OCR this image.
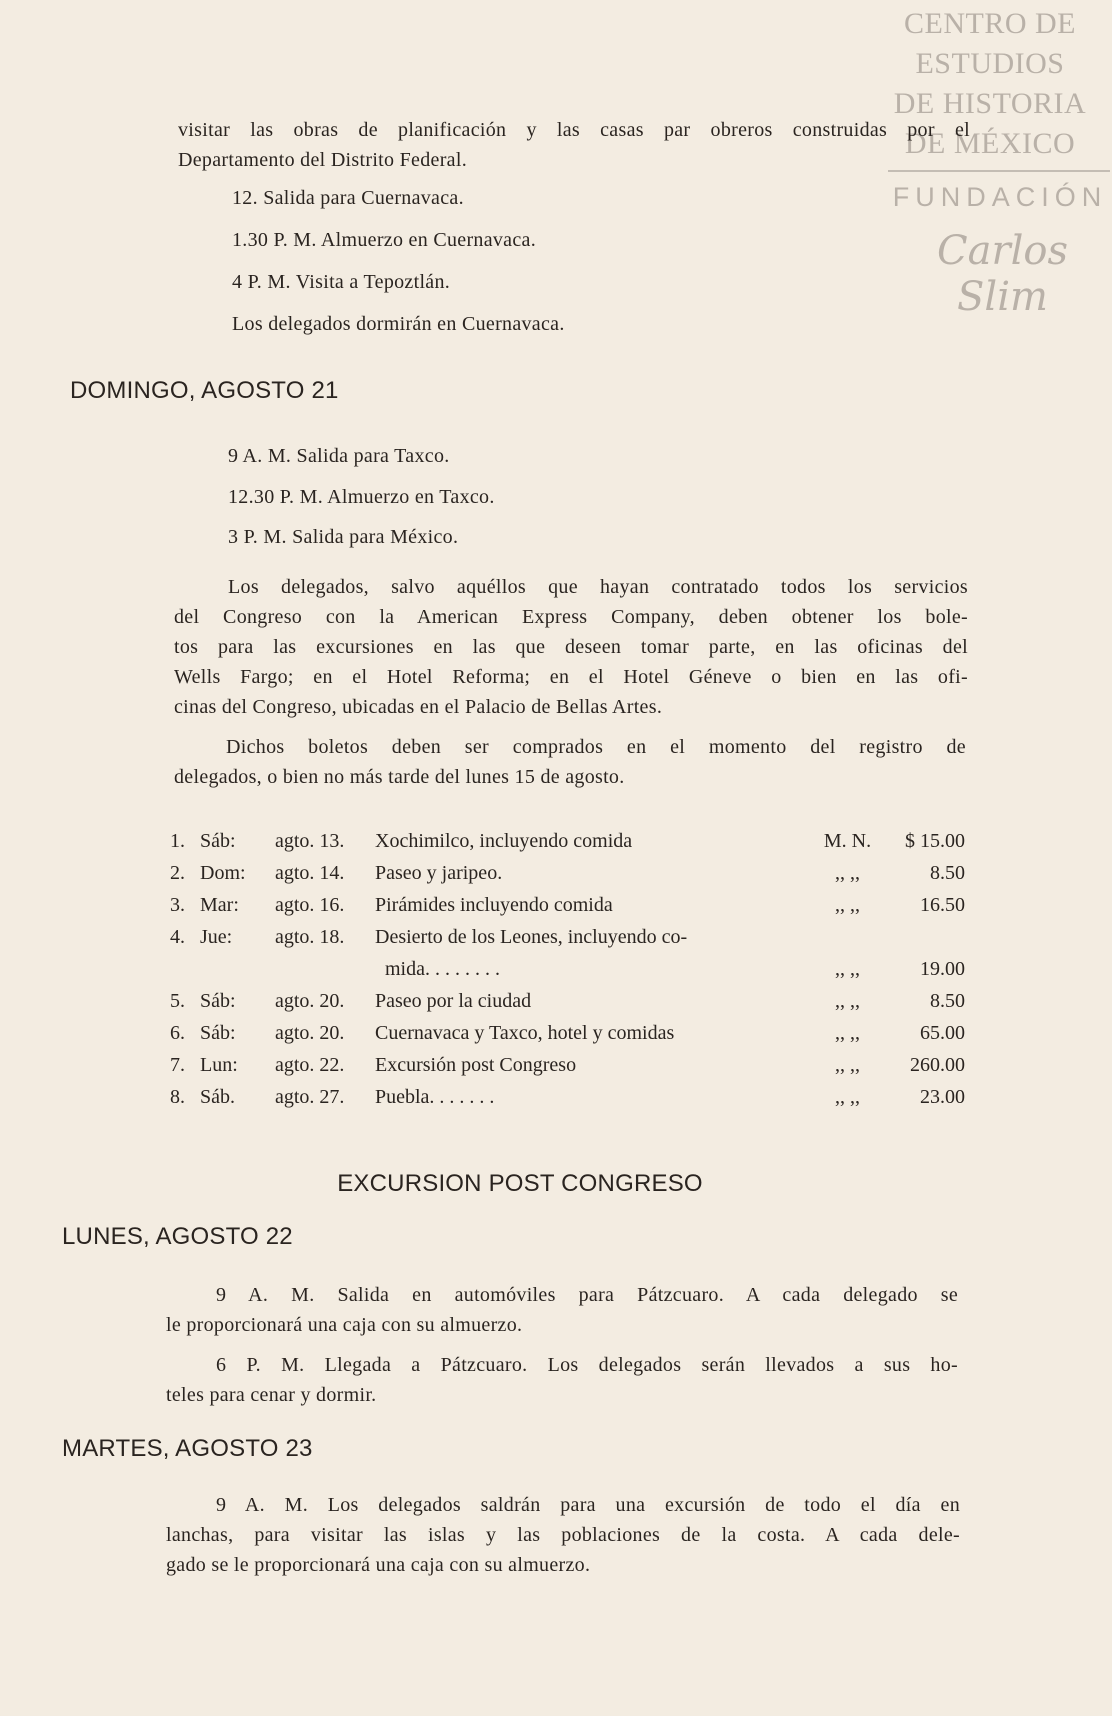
CENTRO DE
ESTUDIOS
DE HISTORIA
DE MÉXICO
FUNDACIÓN
Carlos Slim
visitar las obras de planificación y las casas par obreros construidas por el
Departamento del Distrito Federal.
12. Salida para Cuernavaca.
1.30 P. M. Almuerzo en Cuernavaca.
4 P. M. Visita a Tepoztlán.
Los delegados dormirán en Cuernavaca.
DOMINGO, AGOSTO 21
9 A. M. Salida para Taxco.
12.30 P. M. Almuerzo en Taxco.
3 P. M. Salida para México.
Los delegados, salvo aquéllos que hayan contratado todos los servicios
del Congreso con la American Express Company, deben obtener los bole-
tos para las excursiones en las que deseen tomar parte, en las oficinas del
Wells Fargo; en el Hotel Reforma; en el Hotel Géneve o bien en las ofi-
cinas del Congreso, ubicadas en el Palacio de Bellas Artes.
Dichos boletos deben ser comprados en el momento del registro de
delegados, o bien no más tarde del lunes 15 de agosto.
1. Sáb: agto. 13. Xochimilco, incluyendo comida	M. N.	$ 15.00
2. Dom: agto. 14. Paseo y jaripeo.	,, ,,	8.50
3. Mar: agto. 16. Pirámides incluyendo comida	,, ,,	16.50
4. Jue: agto. 18. Desierto de los Leones, incluyendo co-
mida. . . . . . . .	,, ,,	19.00
5. Sáb: agto. 20. Paseo por la ciudad	,, ,,	8.50
6. Sáb: agto. 20. Cuernavaca y Taxco, hotel y comidas	,, ,,	65.00
7. Lun: agto. 22. Excursión post Congreso	,, ,,	260.00
8. Sáb. agto. 27. Puebla. . . . . . .	,, ,,	23.00
EXCURSION POST CONGRESO
LUNES, AGOSTO 22
9 A. M. Salida en automóviles para Pátzcuaro. A cada delegado se
le proporcionará una caja con su almuerzo.
6 P. M. Llegada a Pátzcuaro. Los delegados serán llevados a sus ho-
teles para cenar y dormir.
MARTES, AGOSTO 23
9 A. M. Los delegados saldrán para una excursión de todo el día en
lanchas, para visitar las islas y las poblaciones de la costa. A cada dele-
gado se le proporcionará una caja con su almuerzo.
